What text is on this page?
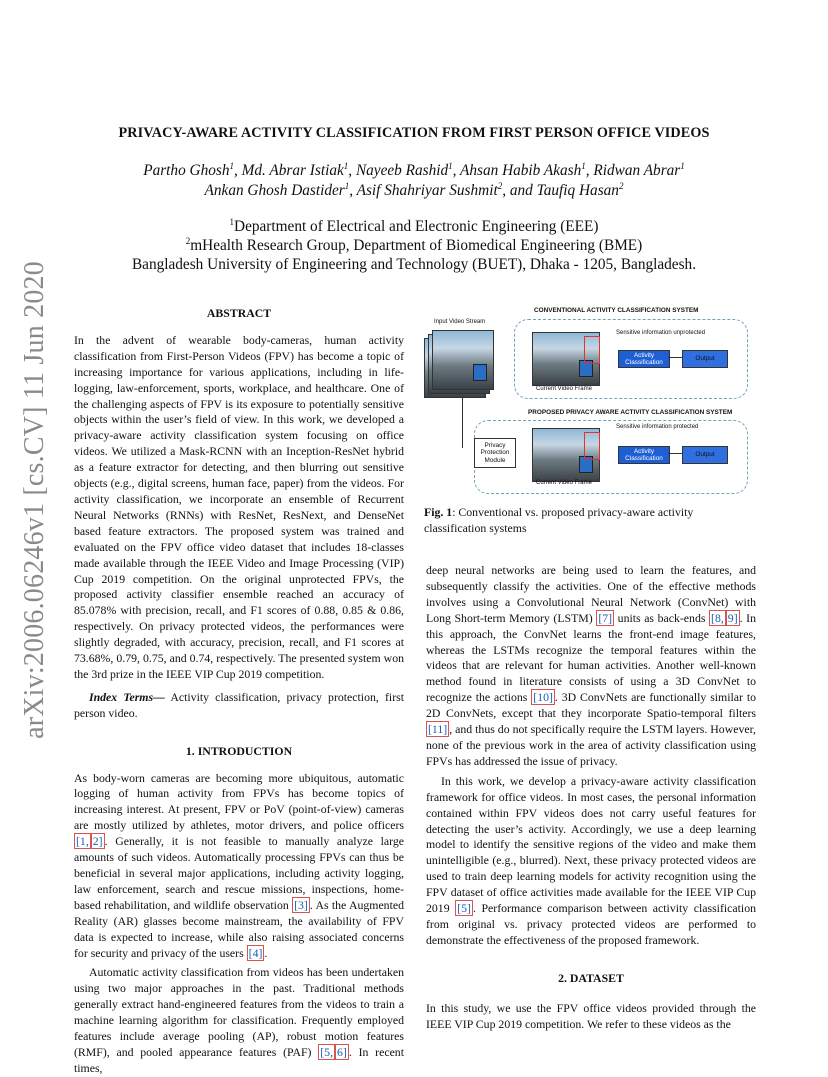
arXiv:2006.06246v1 [cs.CV] 11 Jun 2020
PRIVACY-AWARE ACTIVITY CLASSIFICATION FROM FIRST PERSON OFFICE VIDEOS
Partho Ghosh$^1$, Md. Abrar Istiak$^1$, Nayeeb Rashid$^1$, Ahsan Habib Akash$^1$, Ridwan Abrar$^1$
Ankan Ghosh Dastider$^1$, Asif Shahriyar Sushmit$^2$, and Taufiq Hasan$^2$
$^1$Department of Electrical and Electronic Engineering (EEE)
$^2$mHealth Research Group, Department of Biomedical Engineering (BME)
Bangladesh University of Engineering and Technology (BUET), Dhaka - 1205, Bangladesh.
ABSTRACT

In the advent of wearable body-cameras, human activity classification from First-Person Videos (FPV) has become a topic of increasing importance for various applications, including in life-logging, law-enforcement, sports, workplace, and healthcare. One of the challenging aspects of FPV is its exposure to potentially sensitive objects within the user’s field of view. In this work, we developed a privacy-aware activity classification system focusing on office videos. We utilized a Mask-RCNN with an Inception-ResNet hybrid as a feature extractor for detecting, and then blurring out sensitive objects (e.g., digital screens, human face, paper) from the videos. For activity classification, we incorporate an ensemble of Recurrent Neural Networks (RNNs) with ResNet, ResNext, and DenseNet based feature extractors. The proposed system was trained and evaluated on the FPV office video dataset that includes 18-classes made available through the IEEE Video and Image Processing (VIP) Cup 2019 competition. On the original unprotected FPVs, the proposed activity classifier ensemble reached an accuracy of 85.078% with precision, recall, and F1 scores of 0.88, 0.85 & 0.86, respectively. On privacy protected videos, the performances were slightly degraded, with accuracy, precision, recall, and F1 scores at 73.68%, 0.79, 0.75, and 0.74, respectively. The presented system won the 3rd prize in the IEEE VIP Cup 2019 competition.

Index Terms— Activity classification, privacy protection, first person video.

1. INTRODUCTION

As body-worn cameras are becoming more ubiquitous, automatic logging of human activity from FPVs has become topics of increasing interest. At present, FPV or PoV (point-of-view) cameras are mostly utilized by athletes, motor drivers, and police officers [1, 2] . Generally, it is not feasible to manually analyze large amounts of such videos. Automatically processing FPVs can thus be beneficial in several major applications, including activity logging, law enforcement, search and rescue missions, inspections, home-based rehabilitation, and wildlife observation [3] . As the Augmented Reality (AR) glasses become mainstream, the availability of FPV data is expected to increase, while also raising associated concerns for security and privacy of the users [4] .

Automatic activity classification from videos has been undertaken using two major approaches in the past. Traditional methods generally extract hand-engineered features from the videos to train a machine learning algorithm for classification. Frequently employed features include average pooling (AP), robust motion features (RMF), and pooled appearance features (PAF) [5, 6] . In recent times,

Input Video Stream
CONVENTIONAL ACTIVITY CLASSIFICATION SYSTEM
Sensitive information unprotected
Activity Classification
Output
Current Video Frame
PROPOSED PRIVACY AWARE ACTIVITY CLASSIFICATION SYSTEM
Privacy Protection Module
Sensitive information protected
Activity Classification
Output
Current Video Frame
Fig. 1: Conventional vs. proposed privacy-aware activity classification systems

deep neural networks are being used to learn the features, and subsequently classify the activities. One of the effective methods involves using a Convolutional Neural Network (ConvNet) with Long Short-term Memory (LSTM) [7] units as back-ends [8, 9] . In this approach, the ConvNet learns the front-end image features, whereas the LSTMs recognize the temporal features within the videos that are relevant for human activities. Another well-known method found in literature consists of using a 3D ConvNet to recognize the actions [10] . 3D ConvNets are functionally similar to 2D ConvNets, except that they incorporate Spatio-temporal filters [11] , and thus do not specifically require the LSTM layers. However, none of the previous work in the area of activity classification using FPVs has addressed the issue of privacy.

In this work, we develop a privacy-aware activity classification framework for office videos. In most cases, the personal information contained within FPV videos does not carry useful features for detecting the user’s activity. Accordingly, we use a deep learning model to identify the sensitive regions of the video and make them unintelligible (e.g., blurred). Next, these privacy protected videos are used to train deep learning models for activity recognition using the FPV dataset of office activities made available for the IEEE VIP Cup 2019 [5] . Performance comparison between activity classification from original vs. privacy protected videos are performed to demonstrate the effectiveness of the proposed framework.

2. DATASET

In this study, we use the FPV office videos provided through the IEEE VIP Cup 2019 competition. We refer to these videos as the
